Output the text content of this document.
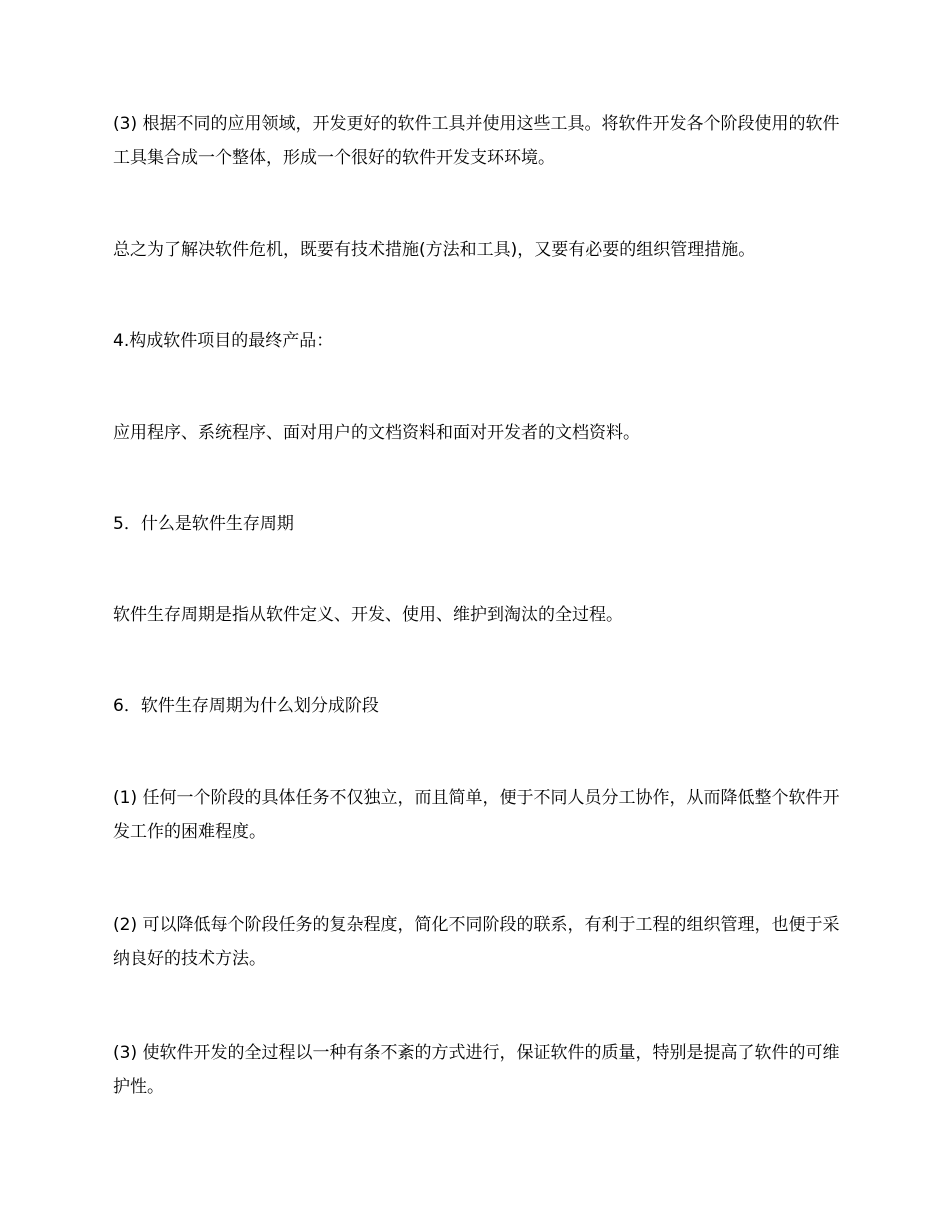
(3) 根据不同的应用领域，开发更好的软件工具并使用这些工具。将软件开发各个阶段使用的软件工具集合成一个整体，形成一个很好的软件开发支环环境。

总之为了解决软件危机，既要有技术措施(方法和工具)，又要有必要的组织管理措施。

4.构成软件项目的最终产品：

应用程序、系统程序、面对用户的文档资料和面对开发者的文档资料。

5．什么是软件生存周期

软件生存周期是指从软件定义、开发、使用、维护到淘汰的全过程。

6．软件生存周期为什么划分成阶段

(1) 任何一个阶段的具体任务不仅独立，而且简单，便于不同人员分工协作，从而降低整个软件开发工作的困难程度。

(2) 可以降低每个阶段任务的复杂程度，简化不同阶段的联系，有利于工程的组织管理，也便于采纳良好的技术方法。

(3) 使软件开发的全过程以一种有条不紊的方式进行，保证软件的质量，特别是提高了软件的可维护性。
